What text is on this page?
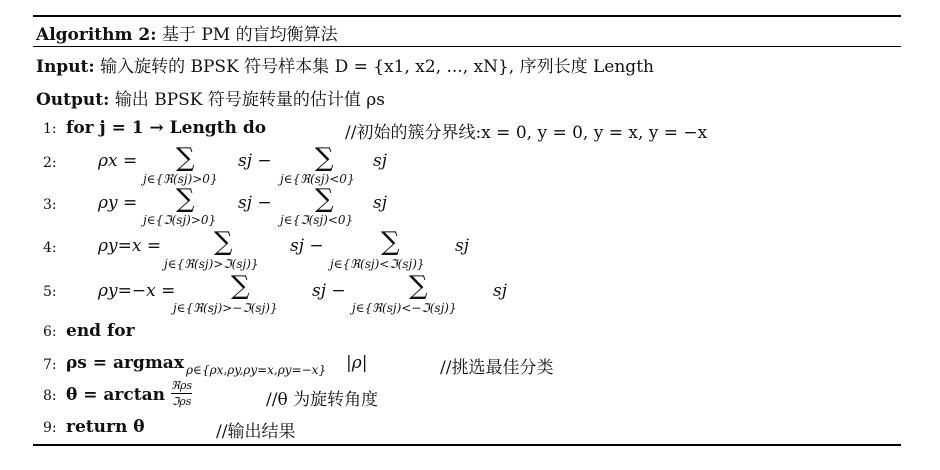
Algorithm 2: 基于 PM 的盲均衡算法
Input: 输入旋转的 BPSK 符号样本集 D = {x1, x2, ..., xN}, 序列长度 Length
Output: 输出 BPSK 符号旋转量的估计值 ρs
1: for j = 1 → Length do	//初始的簇分界线:x = 0, y = 0, y = x, y = −x
2: ρx = ∑
j∈{ℜ(sj)>0}
sj − ∑
j∈{ℜ(sj)<0}
sj
3: ρy = ∑
j∈{ℑ(sj)>0}
sj − ∑
j∈{ℑ(sj)<0}
sj
4: ρy=x = ∑
j∈{ℜ(sj)>ℑ(sj)}
sj − ∑
j∈{ℜ(sj)<ℑ(sj)}
sj
5: ρy=−x = ∑
j∈{ℜ(sj)>−ℑ(sj)}
sj − ∑
j∈{ℜ(sj)<−ℑ(sj)}
sj
6: end for
7: ρs = argmax ρ∈{ρx,ρy,ρy=x,ρy=−x} |ρ|	//挑选最佳分类
8: θ = arctan ℜρs
ℑρs	//θ 为旋转角度
9: return θ	//输出结果
